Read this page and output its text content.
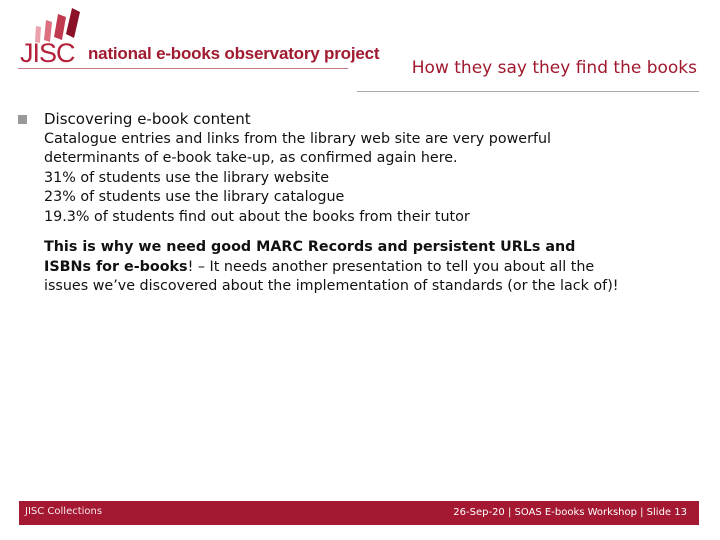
JISC national e-books observatory project
How they say they find the books
Discovering e-book content

Catalogue entries and links from the library web site are very powerful

determinants of e-book take-up, as confirmed again here.

31% of students use the library website

23% of students use the library catalogue

19.3% of students find out about the books from their tutor

This is why we need good MARC Records and persistent URLs and

ISBNs for e-books! – It needs another presentation to tell you about all the

issues we’ve discovered about the implementation of standards (or the lack of)!

JISC Collections	26-Sep-20 | SOAS E-books Workshop | Slide 13
